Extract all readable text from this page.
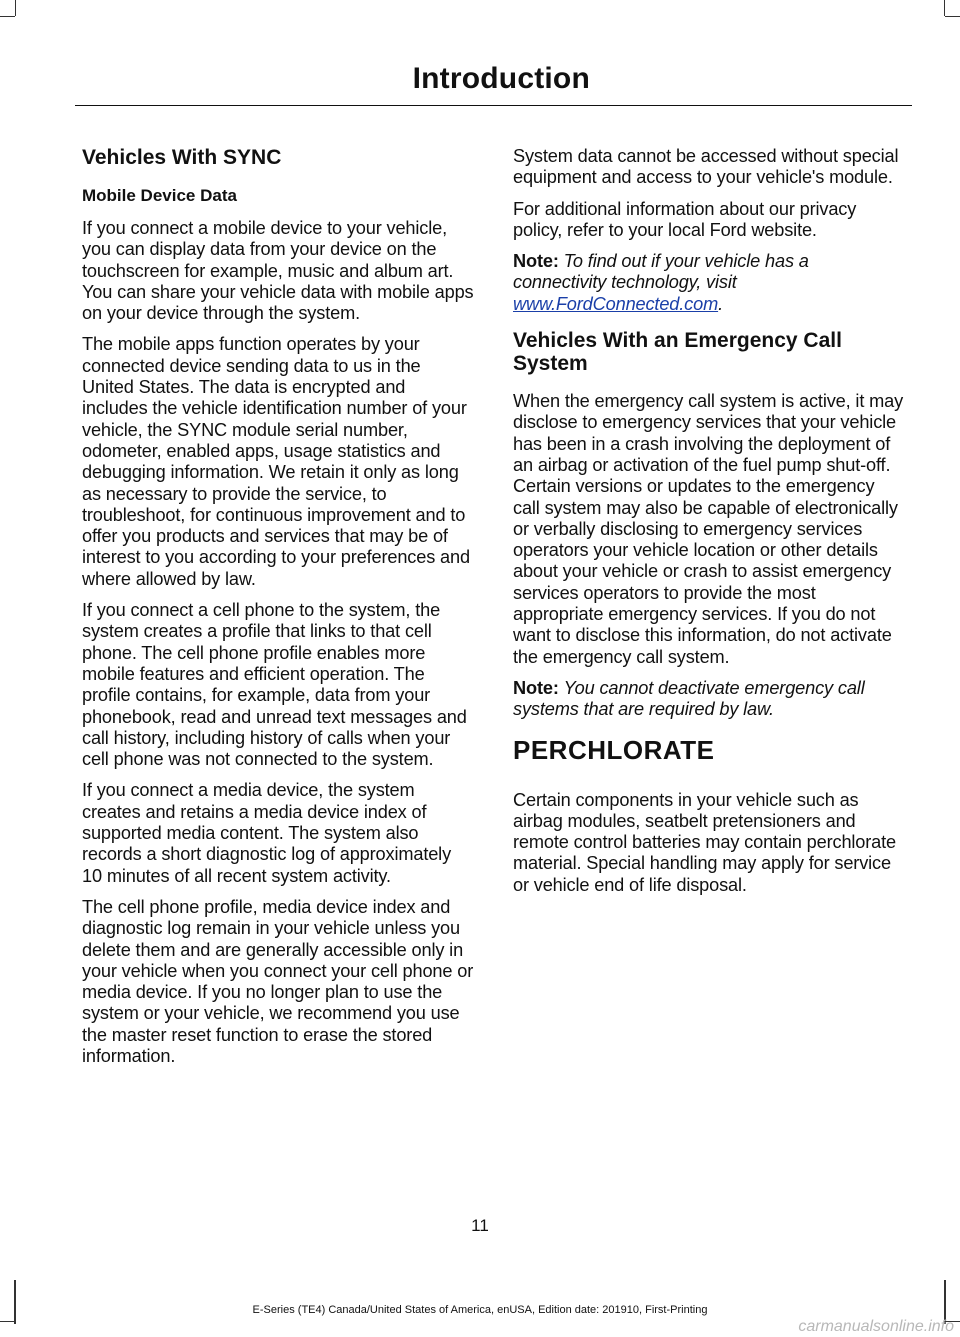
Introduction
Vehicles With SYNC
Mobile Device Data

If you connect a mobile device to your vehicle, you can display data from your device on the touchscreen for example, music and album art. You can share your vehicle data with mobile apps on your device through the system.

The mobile apps function operates by your connected device sending data to us in the United States. The data is encrypted and includes the vehicle identification number of your vehicle, the SYNC module serial number, odometer, enabled apps, usage statistics and debugging information. We retain it only as long as necessary to provide the service, to troubleshoot, for continuous improvement and to offer you products and services that may be of interest to you according to your preferences and where allowed by law.

If you connect a cell phone to the system, the system creates a profile that links to that cell phone. The cell phone profile enables more mobile features and efficient operation. The profile contains, for example, data from your phonebook, read and unread text messages and call history, including history of calls when your cell phone was not connected to the system.

If you connect a media device, the system creates and retains a media device index of supported media content. The system also records a short diagnostic log of approximately 10 minutes of all recent system activity.

The cell phone profile, media device index and diagnostic log remain in your vehicle unless you delete them and are generally accessible only in your vehicle when you connect your cell phone or media device. If you no longer plan to use the system or your vehicle, we recommend you use the master reset function to erase the stored information.

System data cannot be accessed without special equipment and access to your vehicle's module.

For additional information about our privacy policy, refer to your local Ford website.

Note: To find out if your vehicle has a connectivity technology, visit www.FordConnected.com.

Vehicles With an Emergency Call System

When the emergency call system is active, it may disclose to emergency services that your vehicle has been in a crash involving the deployment of an airbag or activation of the fuel pump shut-off. Certain versions or updates to the emergency call system may also be capable of electronically or verbally disclosing to emergency services operators your vehicle location or other details about your vehicle or crash to assist emergency services operators to provide the most appropriate emergency services. If you do not want to disclose this information, do not activate the emergency call system.

Note: You cannot deactivate emergency call systems that are required by law.

PERCHLORATE

Certain components in your vehicle such as airbag modules, seatbelt pretensioners and remote control batteries may contain perchlorate material. Special handling may apply for service or vehicle end of life disposal.

11
E-Series (TE4) Canada/United States of America, enUSA, Edition date: 201910, First-Printing
carmanualsonline.info
